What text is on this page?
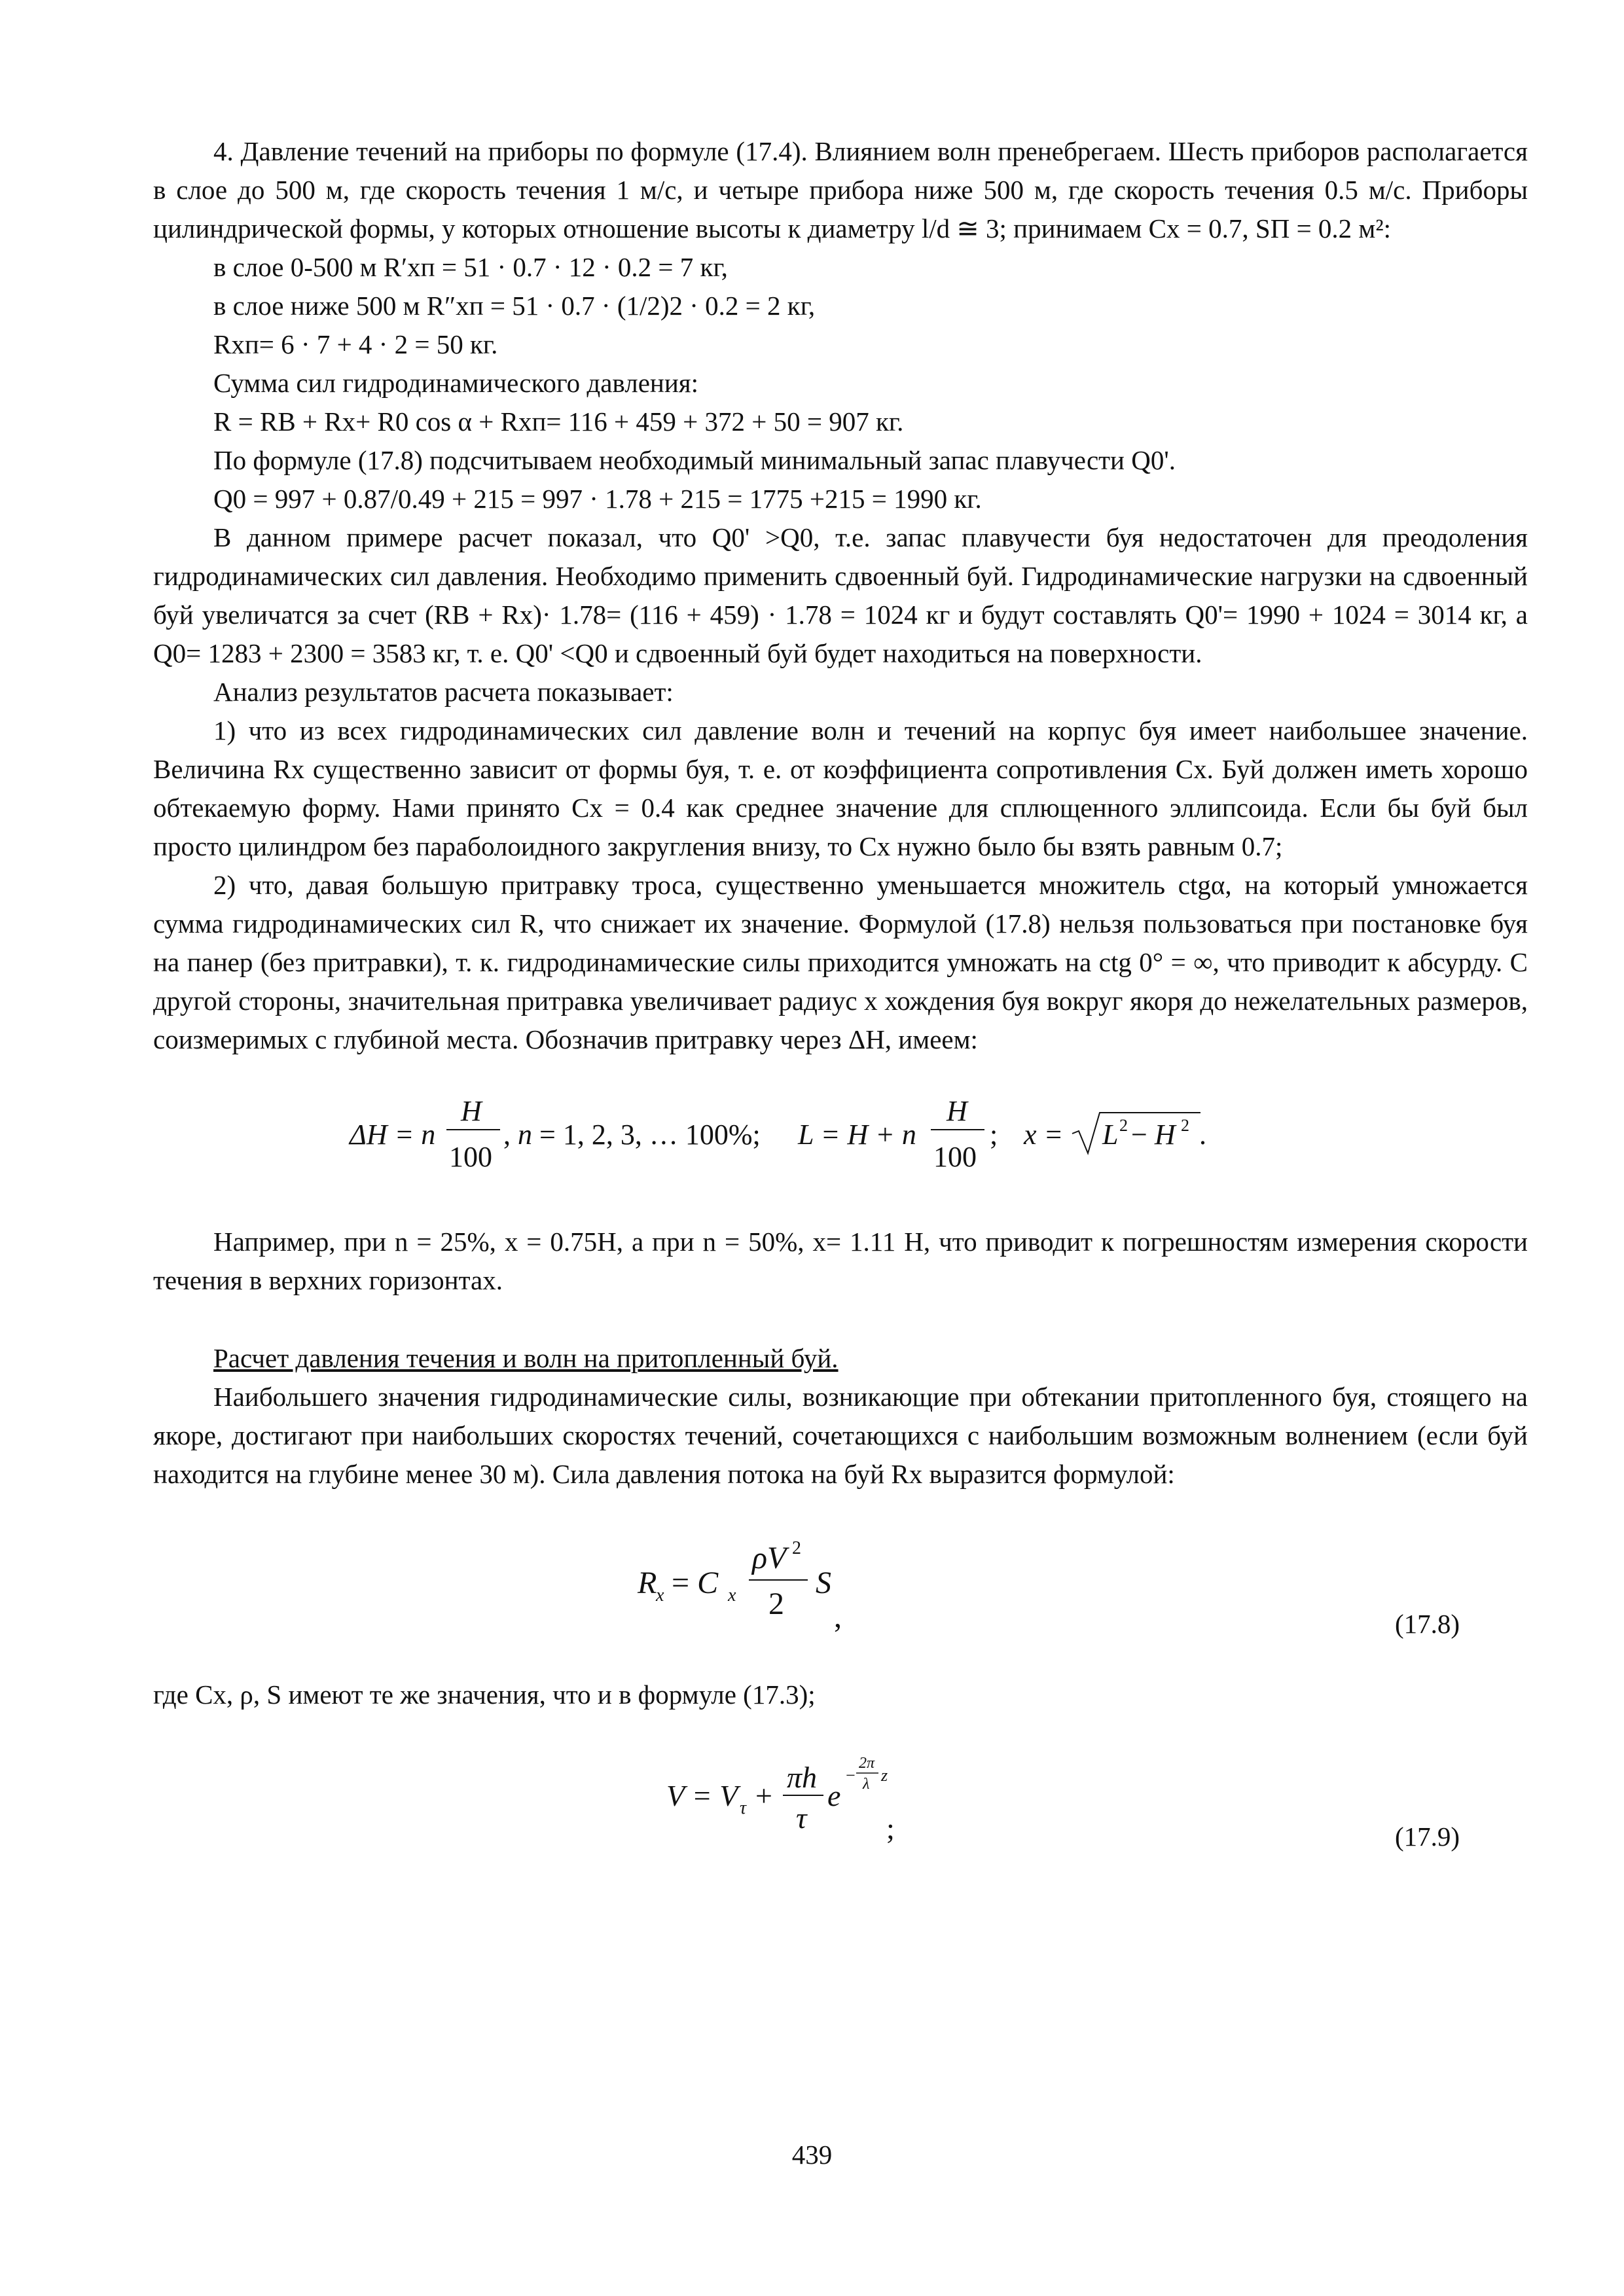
4. Давление течений на приборы по формуле (17.4). Влиянием волн пренебрегаем. Шесть приборов располагается в слое до 500 м, где скорость течения 1 м/с, и четыре прибора ниже 500 м, где скорость течения 0.5 м/с. Приборы цилиндрической формы, у которых отношение высоты к диаметру l/d ≅ 3; принимаем Cx = 0.7, SП = 0.2 м²:

в слое 0-500 м R′xп = 51 · 0.7 · 12 · 0.2 = 7 кг,

в слое ниже 500 м R″xп = 51 · 0.7 · (1/2)2 · 0.2 = 2 кг,

Rxп= 6 · 7 + 4 · 2 = 50 кг.

Сумма сил гидродинамического давления:

R = RB + Rx+ R0 cos α + Rxп= 116 + 459 + 372 + 50 = 907 кг.

По формуле (17.8) подсчитываем необходимый минимальный запас плавучести Q0'.

Q0 = 997 + 0.87/0.49 + 215 = 997 · 1.78 + 215 = 1775 +215 = 1990 кг.

В данном примере расчет показал, что Q0' >Q0, т.е. запас плавучести буя недостаточен для преодоления гидродинамических сил давления. Необходимо применить сдвоенный буй. Гидродинамические нагрузки на сдвоенный буй увеличатся за счет (RB + Rx)· 1.78= (116 + 459) · 1.78 = 1024 кг и будут составлять Q0'= 1990 + 1024 = 3014 кг, а Q0= 1283 + 2300 = 3583 кг, т. е. Q0' <Q0 и сдвоенный буй будет находиться на поверхности.

Анализ результатов расчета показывает:

1) что из всех гидродинамических сил давление волн и течений на корпус буя имеет наибольшее значение. Величина Rx существенно зависит от формы буя, т. е. от коэффициента сопротивления Cx. Буй должен иметь хорошо обтекаемую форму. Нами принято Cx = 0.4 как среднее значение для сплющенного эллипсоида. Если бы буй был просто цилиндром без параболоидного закругления внизу, то Cx нужно было бы взять равным 0.7;

2) что, давая большую притравку троса, существенно уменьшается множитель ctgα, на который умножается сумма гидродинамических сил R, что снижает их значение. Формулой (17.8) нельзя пользоваться при постановке буя на панер (без притравки), т. к. гидродинамические силы приходится умножать на ctg 0° = ∞, что приводит к абсурду. С другой стороны, значительная притравка увеличивает радиус x хождения буя вокруг якоря до нежелательных размеров, соизмеримых с глубиной места. Обозначив притравку через ΔH, имеем:

ΔH = n
H
100
, n = 1, 2, 3, … 100%; L = H + n
H
100
; x = L 2 − H 2 .

Например, при n = 25%, x = 0.75H, а при n = 50%, x= 1.11 H, что приводит к погрешностям измерения скорости течения в верхних горизонтах.

Расчет давления течения и волн на притопленный буй.

Наибольшего значения гидродинамические силы, возникающие при обтекании притопленного буя, стоящего на якоре, достигают при наибольших скоростях течений, сочетающихся с наибольшим возможным волнением (если буй находится на глубине менее 30 м). Сила давления потока на буй Rx выразится формулой:

R
x = C x
ρV 2
2
S
,	(17.8)

где Cx, ρ, S имеют те же значения, что и в формуле (17.3);

V = V τ +
πh
τ
e
−
2π
λ z
;	(17.9)
439
